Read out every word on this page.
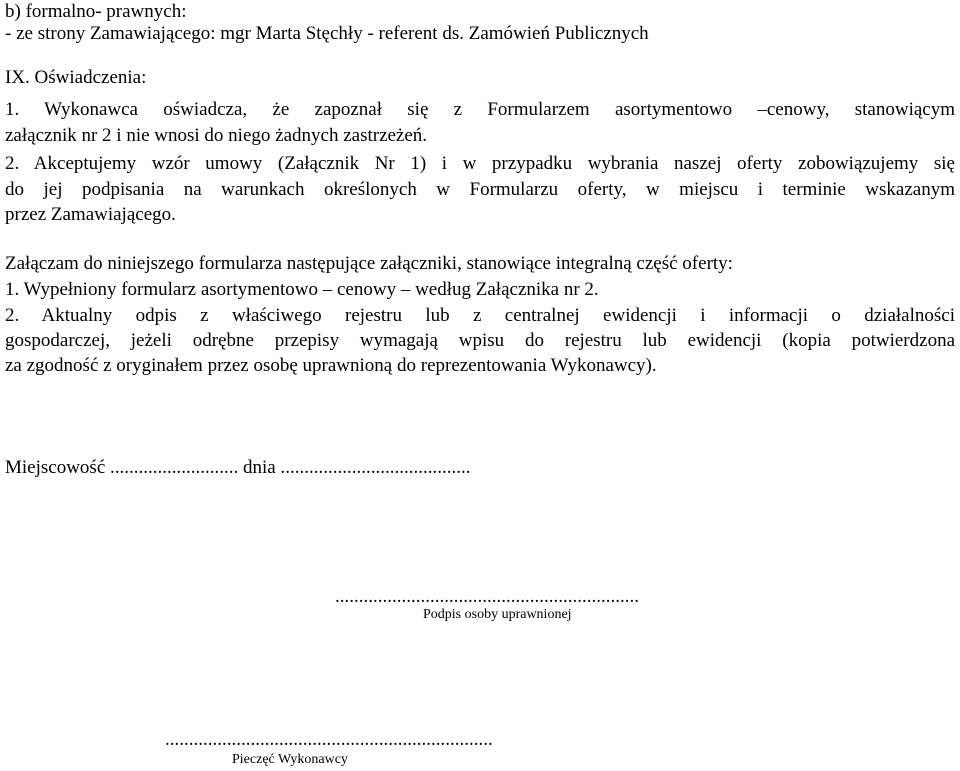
b) formalno- prawnych:
- ze strony Zamawiającego: mgr Marta Stęchły - referent ds. Zamówień Publicznych
IX. Oświadczenia:
1. Wykonawca oświadcza, że zapoznał się z Formularzem asortymentowo –cenowy, stanowiącym
załącznik nr 2 i nie wnosi do niego żadnych zastrzeżeń.
2. Akceptujemy wzór umowy (Załącznik Nr 1) i w przypadku wybrania naszej oferty zobowiązujemy się
do jej podpisania na warunkach określonych w Formularzu oferty, w miejscu i terminie wskazanym
przez Zamawiającego.
Załączam do niniejszego formularza następujące załączniki, stanowiące integralną część oferty:
1. Wypełniony formularz asortymentowo – cenowy – według Załącznika nr 2.
2. Aktualny odpis z właściwego rejestru lub z centralnej ewidencji i informacji o działalności
gospodarczej, jeżeli odrębne przepisy wymagają wpisu do rejestru lub ewidencji (kopia potwierdzona
za zgodność z oryginałem przez osobę uprawnioną do reprezentowania Wykonawcy).
Miejscowość ........................... dnia ........................................
................................................................
Podpis osoby uprawnionej
.....................................................................
Pieczęć Wykonawcy
